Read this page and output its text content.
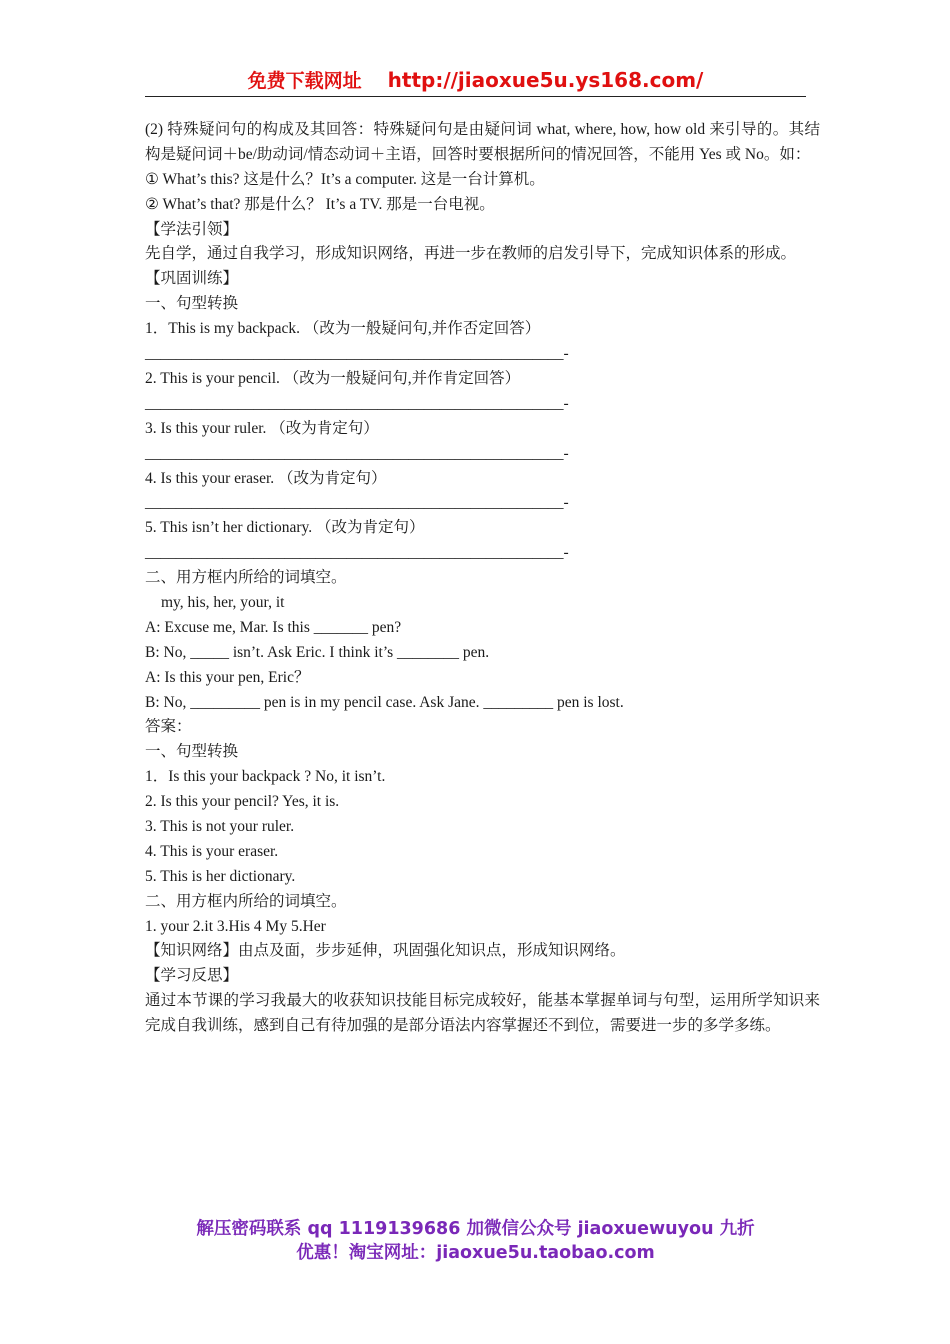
免费下载网址 http://jiaoxue5u.ys168.com/
(2) 特殊疑问句的构成及其回答：特殊疑问句是由疑问词 what, where, how, how old 来引导的。其结构是疑问词＋be/助动词/情态动词＋主语，回答时要根据所问的情况回答，不能用 Yes 或 No。如：
① What’s this? 这是什么？It’s a computer. 这是一台计算机。
② What’s that? 那是什么？ It’s a TV. 那是一台电视。
【学法引领】
先自学，通过自我学习，形成知识网络，再进一步在教师的启发引导下，完成知识体系的形成。
【巩固训练】
一、句型转换
1．This is my backpack. （改为一般疑问句,并作否定回答）
______________________________________________________-
2. This is your pencil. （改为一般疑问句,并作肯定回答）
______________________________________________________-
3. Is this your ruler. （改为肯定句）
______________________________________________________-
4. Is this your eraser. （改为肯定句）
______________________________________________________-
5. This isn’t her dictionary. （改为肯定句）
______________________________________________________-
二、用方框内所给的词填空。
my, his, her, your, it
A: Excuse me, Mar. Is this _______ pen?
B: No, _____ isn’t. Ask Eric. I think it’s ________ pen.
A: Is this your pen, Eric？
B: No, _________ pen is in my pencil case. Ask Jane. _________ pen is lost.
答案：
一、句型转换
1．Is this your backpack ? No, it isn’t.
2. Is this your pencil? Yes, it is.
3. This is not your ruler.
4. This is your eraser.
5. This is her dictionary.
二、用方框内所给的词填空。
1. your 2.it 3.His 4 My 5.Her
【知识网络】由点及面，步步延伸，巩固强化知识点，形成知识网络。
【学习反思】
通过本节课的学习我最大的收获知识技能目标完成较好，能基本掌握单词与句型，运用所学知识来完成自我训练，感到自己有待加强的是部分语法内容掌握还不到位，需要进一步的多学多练。
解压密码联系 qq 1119139686 加微信公众号 jiaoxuewuyou 九折
优惠！淘宝网址：jiaoxue5u.taobao.com
